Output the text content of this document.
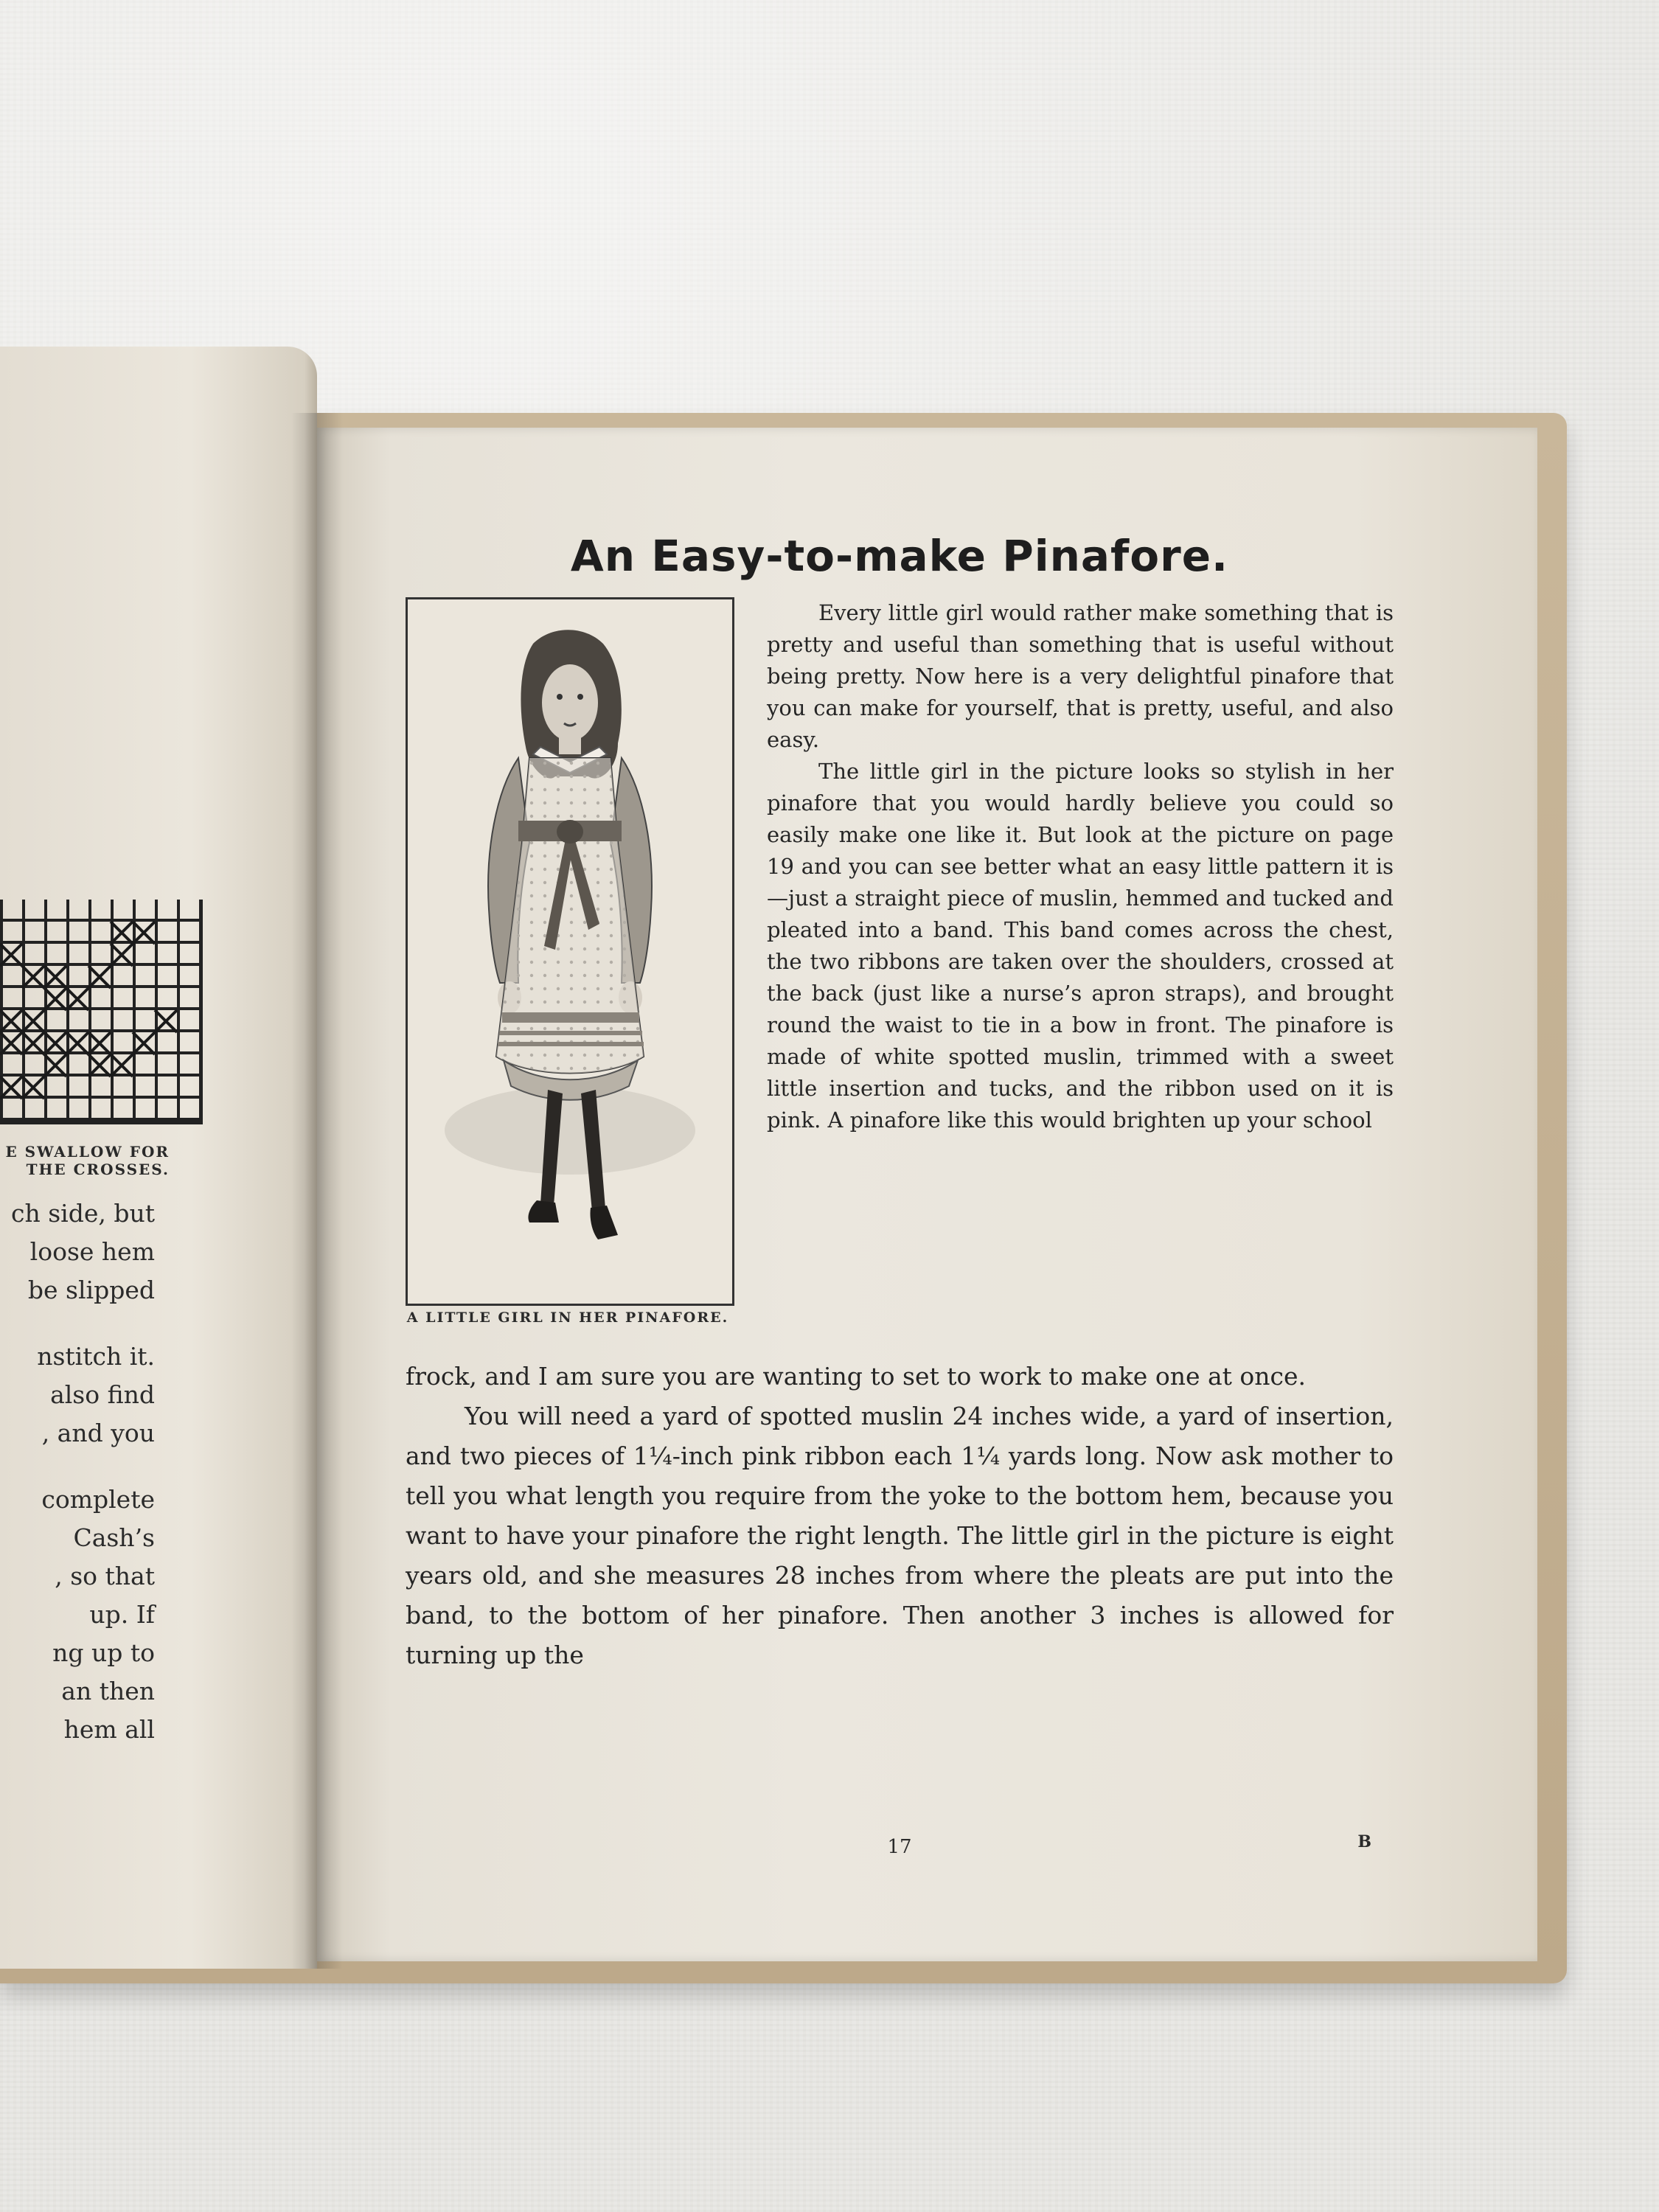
E SWALLOW FOR
THE CROSSES.
ch side, but
loose hem
be slipped
nstitch it.
also find
, and you
complete
Cash’s
, so that
up. If
ng up to
an then
hem all
An Easy-to-make Pinafore.
A LITTLE GIRL IN HER PINAFORE.

Every little girl would rather make something that is pretty and useful than something that is useful without being pretty. Now here is a very delightful pinafore that you can make for yourself, that is pretty, useful, and also easy.

The little girl in the picture looks so stylish in her pinafore that you would hardly believe you could so easily make one like it. But look at the picture on page 19 and you can see better what an easy little pattern it is—just a straight piece of muslin, hemmed and tucked and pleated into a band. This band comes across the chest, the two ribbons are taken over the shoulders, crossed at the back (just like a nurse’s apron straps), and brought round the waist to tie in a bow in front. The pinafore is made of white spotted muslin, trimmed with a sweet little insertion and tucks, and the ribbon used on it is pink. A pinafore like this would brighten up your school

frock, and I am sure you are wanting to set to work to make one at once.

You will need a yard of spotted muslin 24 inches wide, a yard of insertion, and two pieces of 1¼-inch pink ribbon each 1¼ yards long. Now ask mother to tell you what length you require from the yoke to the bottom hem, because you want to have your pinafore the right length. The little girl in the picture is eight years old, and she measures 28 inches from where the pleats are put into the band, to the bottom of her pinafore. Then another 3 inches is allowed for turning up the

17	B
